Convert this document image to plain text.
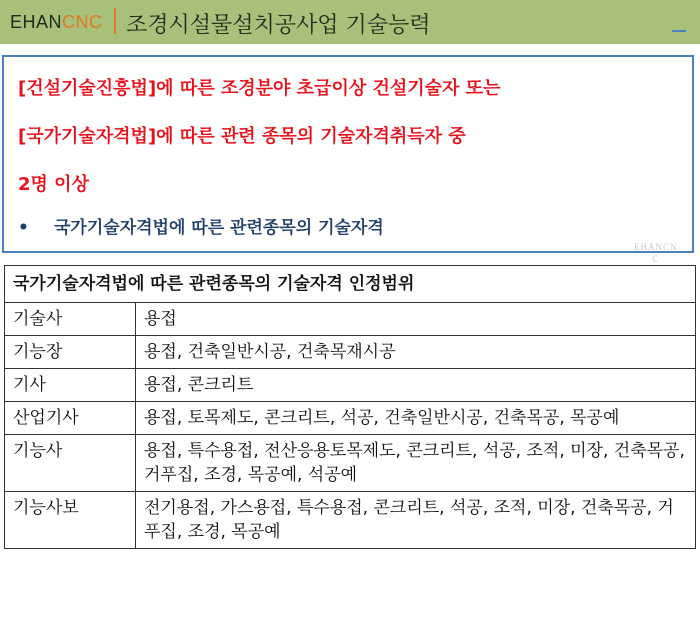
EHANCNC 조경시설물설치공사업 기술능력
[건설기술진흥법]에 따른 조경분야 초급이상 건설기술자 또는
[국가기술자격법]에 따른 관련 종목의 기술자격취득자 중
2명 이상
• 국가기술자격법에 따른 관련종목의 기술자격
EHANCN
C
국가기술자격법에 따른 관련종목의 기술자격 인정범위	
기술사	용접
기능장	용접, 건축일반시공, 건축목재시공
기사	용접, 콘크리트
산업기사	용접, 토목제도, 콘크리트, 석공, 건축일반시공, 건축목공, 목공예
기능사	용접, 특수용접, 전산응용토목제도, 콘크리트, 석공, 조적, 미장, 건축목공, 거푸집, 조경, 목공예, 석공예
기능사보	전기용접, 가스용접, 특수용접, 콘크리트, 석공, 조적, 미장, 건축목공, 거푸집, 조경, 목공예
